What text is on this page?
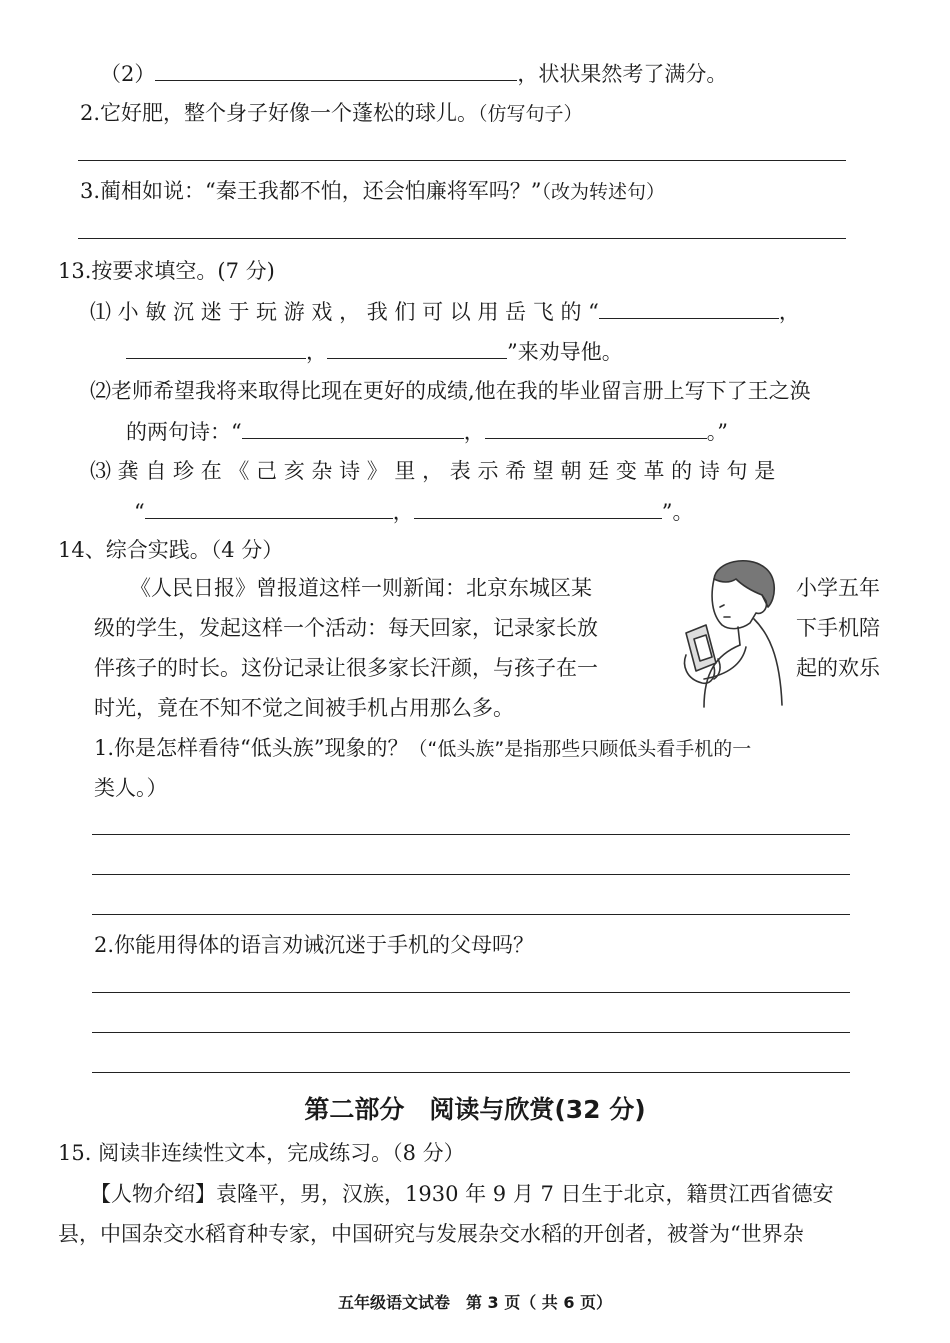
（2）	，状状果然考了满分。
2.它好肥，整个身子好像一个蓬松的球儿。（仿写句子）
3.蔺相如说：“秦王我都不怕，还会怕廉将军吗？”（改为转述句）
13.按要求填空。(7 分)
⑴ 小 敏 沉 迷 于 玩 游 戏 ， 我 们 可 以 用 岳 飞 的 “	，
，	”来劝导他。
⑵老师希望我将来取得比现在更好的成绩,他在我的毕业留言册上写下了王之涣
的两句诗：“	，	。”
⑶ 龚 自 珍 在 《 己 亥 杂 诗 》 里 ， 表 示 希 望 朝 廷 变 革 的 诗 句 是
“	，	”。
14、综合实践。（4 分）
《人民日报》曾报道这样一则新闻：北京东城区某
级的学生，发起这样一个活动：每天回家，记录家长放
伴孩子的时长。这份记录让很多家长汗颜，与孩子在一
时光，竟在不知不觉之间被手机占用那么多。
小学五年
下手机陪
起的欢乐
1.你是怎样看待“低头族”现象的？（“低头族”是指那些只顾低头看手机的一
类人。）
2.你能用得体的语言劝诫沉迷于手机的父母吗？
第二部分　阅读与欣赏(32 分)
15. 阅读非连续性文本，完成练习。（8 分）
【人物介绍】袁隆平，男，汉族，1930 年 9 月 7 日生于北京，籍贯江西省德安
县，中国杂交水稻育种专家，中国研究与发展杂交水稻的开创者，被誉为“世界杂
五年级语文试卷　第 3 页（ 共 6 页）
